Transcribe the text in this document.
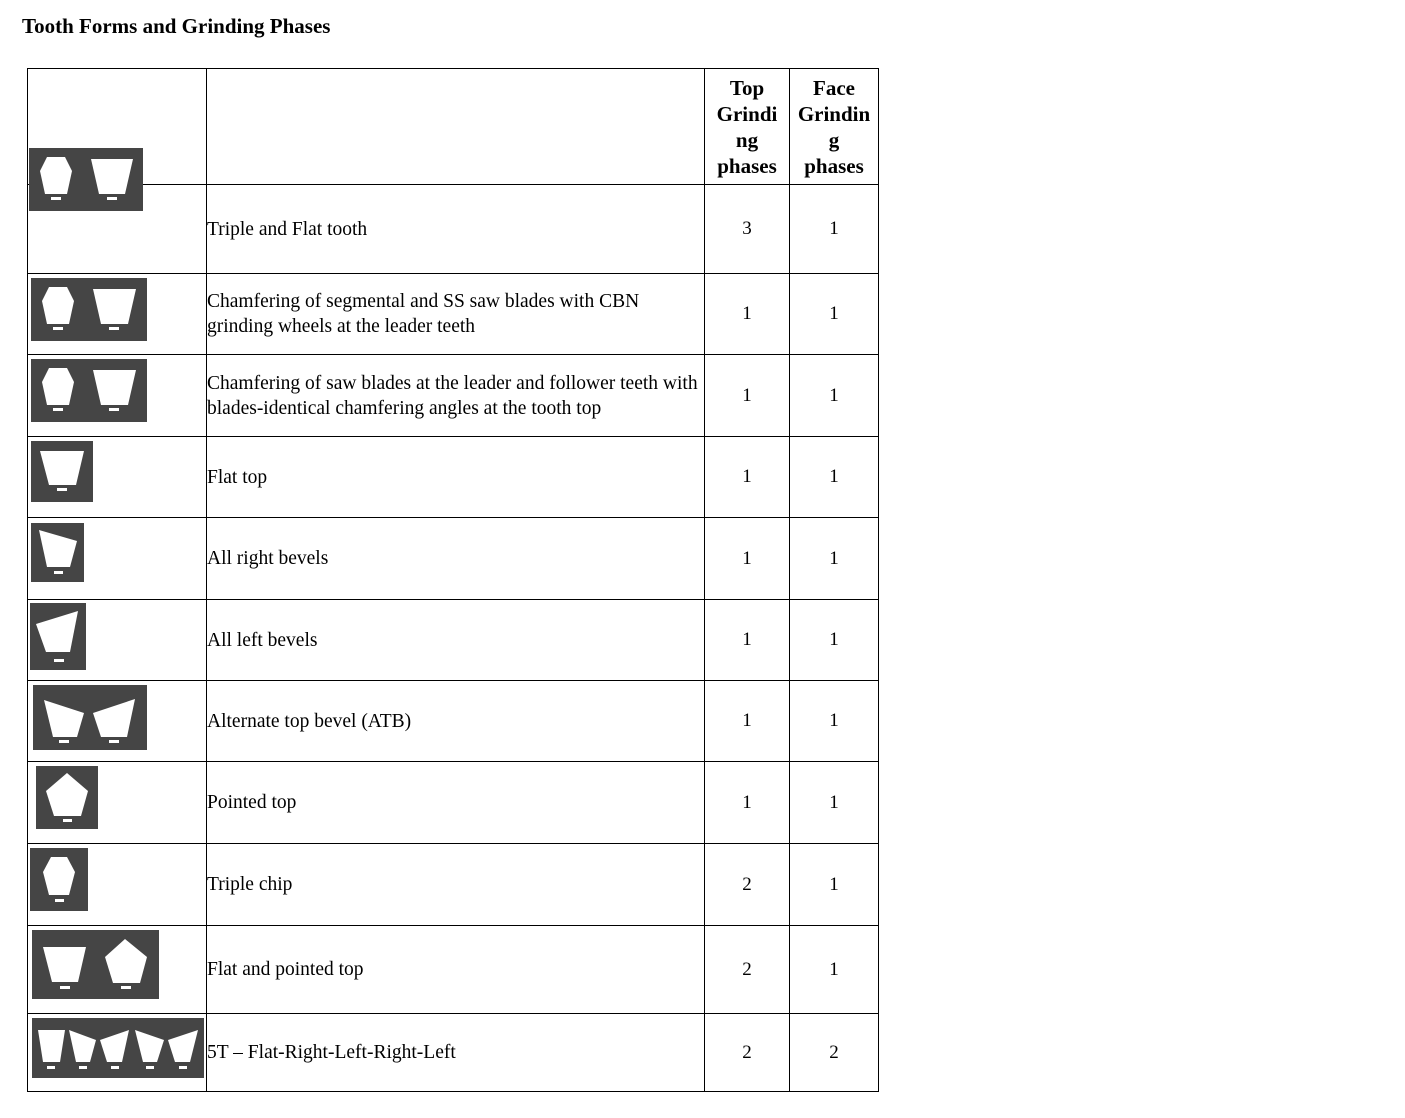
Tooth Forms and Grinding Phases
		Top
Grindi
ng
phases	Face
Grindin
g
phases
	Triple and Flat tooth	3	1

	Chamfering of segmental and SS saw blades with CBN grinding wheels at the leader teeth	1	1

	Chamfering of saw blades at the leader and follower teeth with blades-identical chamfering angles at the tooth top	1	1

	Flat top	1	1

	All right bevels	1	1

	All left bevels	1	1

	Alternate top bevel (ATB)	1	1

	Pointed top	1	1

	Triple chip	2	1

	Flat and pointed top	2	1

	5T – Flat-Right-Left-Right-Left	2	2
